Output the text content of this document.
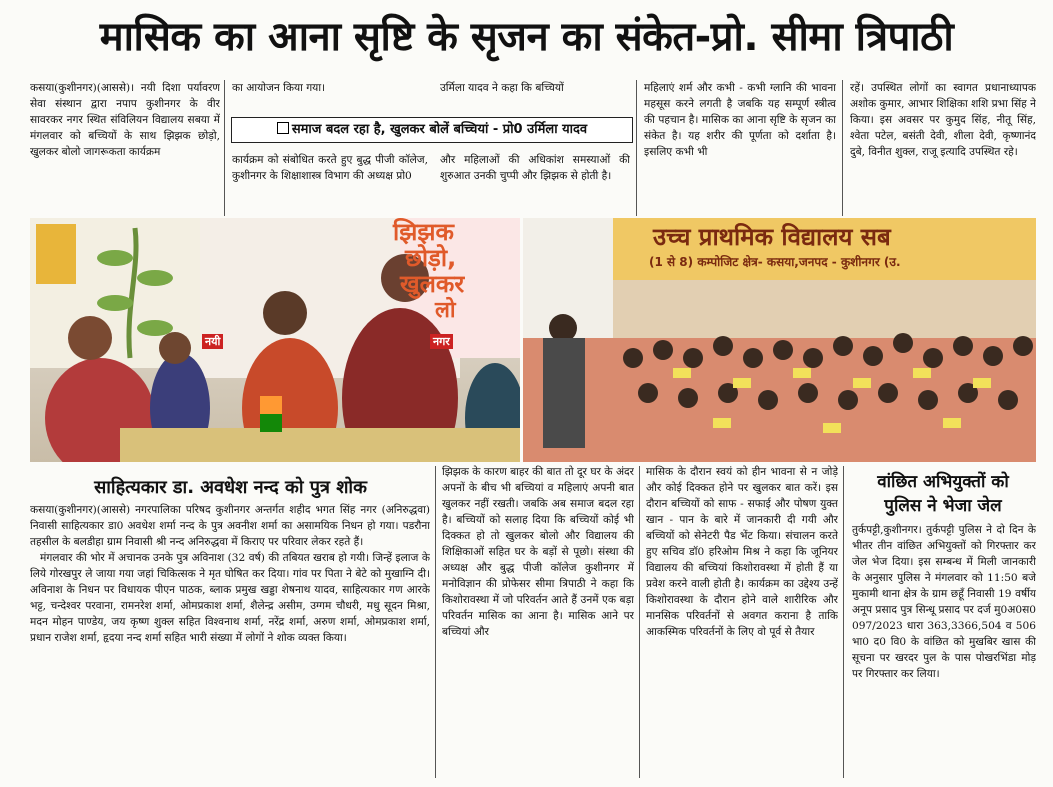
मासिक का आना सृष्टि के सृजन का संकेत-प्रो. सीमा त्रिपाठी

कसया(कुशीनगर)(आससे)। नयी दिशा पर्यावरण सेवा संस्थान द्वारा नपाप कुशीनगर के वीर सावरकर नगर स्थित संविलियन विद्यालय सबया में मंगलवार को बच्चियों के साथ झिझक छोड़ो, खुलकर बोलो जागरूकता कार्यक्रम

का आयोजन किया गया।

समाज बदल रहा है, खुलकर बोलें बच्चियां - प्रो0 उर्मिला यादव

कार्यक्रम को संबोधित करते हुए बुद्ध पीजी कॉलेज, कुशीनगर के शिक्षाशास्त्र विभाग की अध्यक्ष प्रो0

उर्मिला यादव ने कहा कि बच्चियों

और महिलाओं की अधिकांश समस्याओं की शुरुआत उनकी चुप्पी और झिझक से होती है।

महिलाएं शर्म और कभी - कभी ग्लानि की भावना महसूस करने लगती है जबकि यह सम्पूर्ण स्त्रीत्व की पहचान है। मासिक का आना सृष्टि के सृजन का संकेत है। यह शरीर की पूर्णता को दर्शाता है। इसलिए कभी भी

रहें। उपस्थित लोगों का स्वागत प्रधानाध्यापक अशोक कुमार, आभार शिक्षिका शशि प्रभा सिंह ने किया। इस अवसर पर कुमुद सिंह, नीतू सिंह, श्वेता पटेल, बसंती देवी, शीला देवी, कृष्णानंद दुबे, विनीत शुक्ल, राजू इत्यादि उपस्थित रहे।

झिझक
छोड़ो,
खुलकर
लो
नयी	नगर
उच्च प्राथमिक विद्यालय सब
(1 से 8) कम्पोजिट क्षेत्र- कसया,जनपद - कुशीनगर (उ.
साहित्यकार डा. अवधेश नन्द को पुत्र शोक

कसया(कुशीनगर)(आससे) नगरपालिका परिषद कुशीनगर अन्तर्गत शहीद भगत सिंह नगर (अनिरुद्धवा) निवासी साहित्यकार डा0 अवधेश शर्मा नन्द के पुत्र अवनीश शर्मा का असामयिक निधन हो गया। पडरौना तहसील के बलडीहा ग्राम निवासी श्री नन्द अनिरुद्धवा में किराए पर परिवार लेकर रहते हैं।

मंगलवार की भोर में अचानक उनके पुत्र अविनाश (32 वर्ष) की तबियत खराब हो गयी। जिन्हें इलाज के लिये गोरखपुर ले जाया गया जहां चिकित्सक ने मृत घोषित कर दिया। गांव पर पिता ने बेटे को मुखाग्नि दी। अविनाश के निधन पर विधायक पीएन पाठक, ब्लाक प्रमुख खड्डा शेषनाथ यादव, साहित्यकार गण आरके भट्ट, चन्देश्वर परवाना, रामनरेश शर्मा, ओमप्रकाश शर्मा, शैलेन्द्र असीम, उग्गम चौधरी, मधु सूदन मिश्रा, मदन मोहन पाण्डेय, जय कृष्ण शुक्ल सहित विश्वनाथ शर्मा, नरेंद्र शर्मा, अरुण शर्मा, ओमप्रकाश शर्मा, प्रधान राजेश शर्मा, हृदया नन्द शर्मा सहित भारी संख्या में लोगों ने शोक व्यक्त किया।

झिझक के कारण बाहर की बात तो दूर घर के अंदर अपनों के बीच भी बच्चियां व महिलाएं अपनी बात खुलकर नहीं रखती। जबकि अब समाज बदल रहा है। बच्चियों को सलाह दिया कि बच्चियों कोई भी दिक्कत हो तो खुलकर बोलो और विद्यालय की शिक्षिकाओं सहित घर के बड़ों से पूछो। संस्था की अध्यक्ष और बुद्ध पीजी कॉलेज कुशीनगर में मनोविज्ञान की प्रोफेसर सीमा त्रिपाठी ने कहा कि किशोरावस्था में जो परिवर्तन आते हैं उनमें एक बड़ा परिवर्तन मासिक का आना है। मासिक आने पर बच्चियां और

मासिक के दौरान स्वयं को हीन भावना से न जोड़े और कोई दिक्कत होने पर खुलकर बात करें। इस दौरान बच्चियों को साफ - सफाई और पोषण युक्त खान - पान के बारे में जानकारी दी गयी और बच्चियों को सेनेटरी पैड भेंट किया। संचालन करते हुए सचिव डॉ0 हरिओम मिश्र ने कहा कि जूनियर विद्यालय की बच्चियां किशोरावस्था में होती हैं या प्रवेश करने वाली होती है। कार्यक्रम का उद्देश्य उन्हें किशोरावस्था के दौरान होने वाले शारीरिक और मानसिक परिवर्तनों से अवगत कराना है ताकि आकस्मिक परिवर्तनों के लिए वो पूर्व से तैयार

वांछित अभियुक्तों को
पुलिस ने भेजा जेल

तुर्कपट्टी,कुशीनगर। तुर्कपट्टी पुलिस ने दो दिन के भीतर तीन वांछित अभियुक्तों को गिरफ्तार कर जेल भेज दिया। इस सम्बन्ध में मिली जानकारी के अनुसार पुलिस ने मंगलवार को 11:50 बजे मुकामी थाना क्षेत्र के ग्राम छहूँ निवासी 19 वर्षीय अनूप प्रसाद पुत्र सिन्धू प्रसाद पर दर्ज मु0अ0स0 097/2023 धारा 363,3366,504 व 506 भा0 द0 वि0 के वांछित को मुखबिर खास की सूचना पर खरदर पुल के पास पोखरभिंडा मोड़ पर गिरफ्तार कर लिया।
